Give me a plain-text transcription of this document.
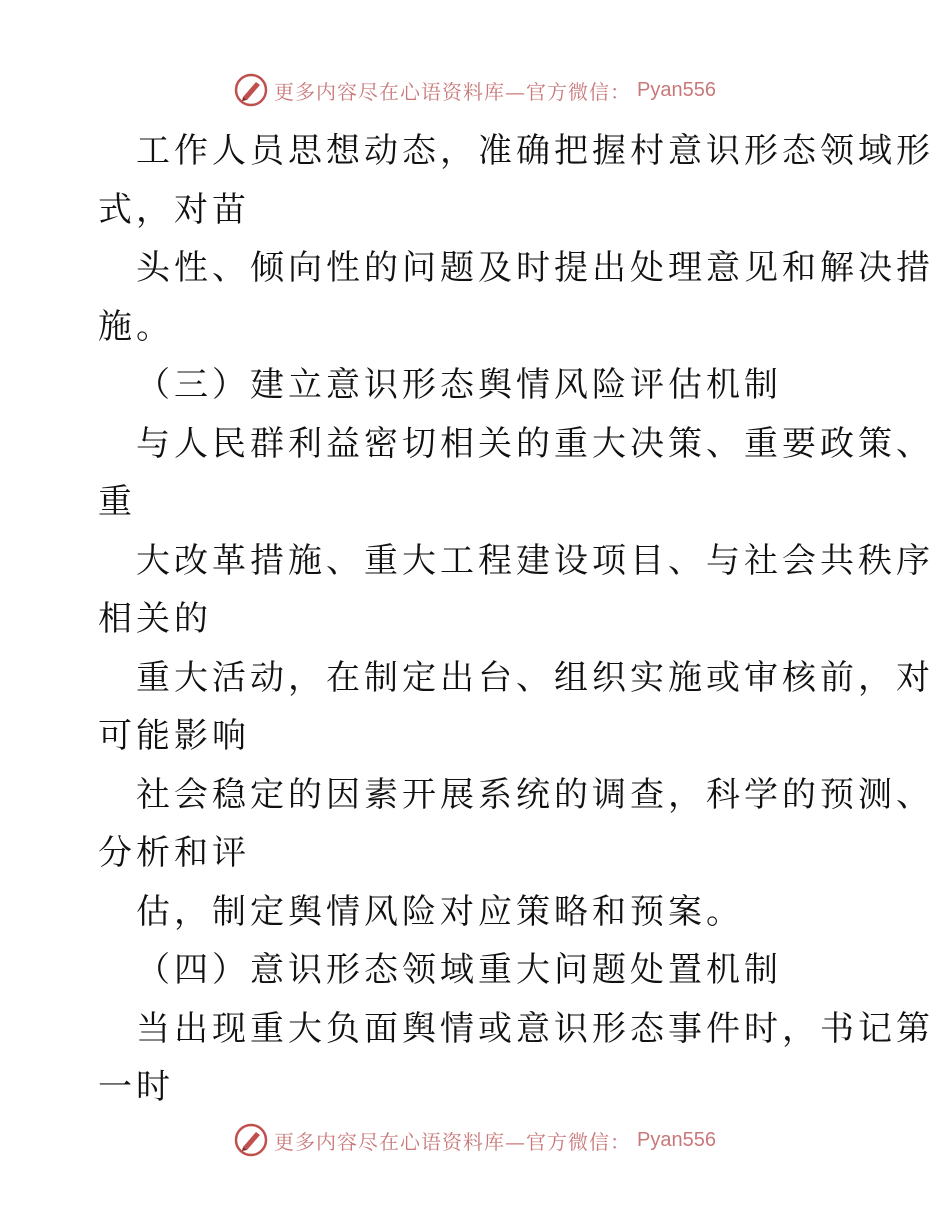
更多内容尽在心语资料库—官方微信： Pyan556
工作人员思想动态，准确把握村意识形态领域形
式，对苗
头性、倾向性的问题及时提出处理意见和解决措
施。
（三）建立意识形态舆情风险评估机制
与人民群利益密切相关的重大决策、重要政策、
重
大改革措施、重大工程建设项目、与社会共秩序
相关的
重大活动，在制定出台、组织实施或审核前，对
可能影响
社会稳定的因素开展系统的调查，科学的预测、
分析和评
估，制定舆情风险对应策略和预案。
（四）意识形态领域重大问题处置机制
当出现重大负面舆情或意识形态事件时，书记第
一时
更多内容尽在心语资料库—官方微信： Pyan556
